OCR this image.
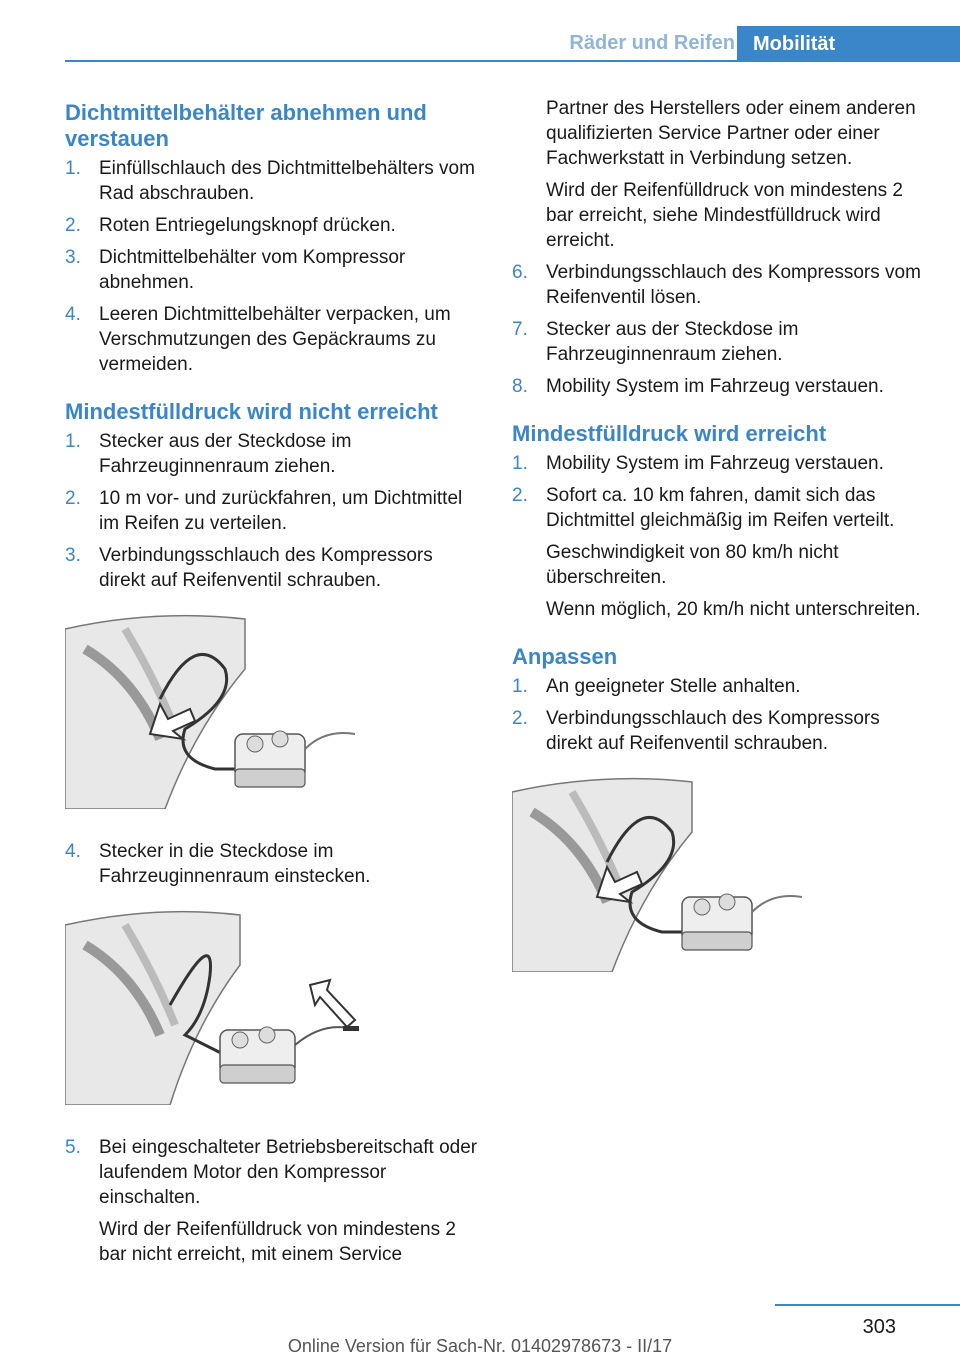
Räder und Reifen Mobilität
Dichtmittelbehälter abnehmen und verstauen
1. Einfüllschlauch des Dichtmittelbehälters vom Rad abschrauben.
2. Roten Entriegelungsknopf drücken.
3. Dichtmittelbehälter vom Kompressor abnehmen.
4. Leeren Dichtmittelbehälter verpacken, um Verschmutzungen des Gepäckraums zu vermeiden.
Mindestfülldruck wird nicht erreicht
1. Stecker aus der Steckdose im Fahrzeuginnenraum ziehen.
2. 10 m vor- und zurückfahren, um Dichtmittel im Reifen zu verteilen.
3. Verbindungsschlauch des Kompressors direkt auf Reifenventil schrauben.
4. Stecker in die Steckdose im Fahrzeuginnenraum einstecken.
5. Bei eingeschalteter Betriebsbereitschaft oder laufendem Motor den Kompressor einschalten.

Wird der Reifenfülldruck von mindestens 2 bar nicht erreicht, mit einem Service

Partner des Herstellers oder einem anderen qualifizierten Service Partner oder einer Fachwerkstatt in Verbindung setzen.

Wird der Reifenfülldruck von mindestens 2 bar erreicht, siehe Mindestfülldruck wird erreicht.

6. Verbindungsschlauch des Kompressors vom Reifenventil lösen.
7. Stecker aus der Steckdose im Fahrzeuginnenraum ziehen.
8. Mobility System im Fahrzeug verstauen.
Mindestfülldruck wird erreicht
1. Mobility System im Fahrzeug verstauen.
2. Sofort ca. 10 km fahren, damit sich das Dichtmittel gleichmäßig im Reifen verteilt.

Geschwindigkeit von 80 km/h nicht überschreiten.

Wenn möglich, 20 km/h nicht unterschreiten.

Anpassen
1. An geeigneter Stelle anhalten.
2. Verbindungsschlauch des Kompressors direkt auf Reifenventil schrauben.
303
Online Version für Sach-Nr. 01402978673 - II/17
